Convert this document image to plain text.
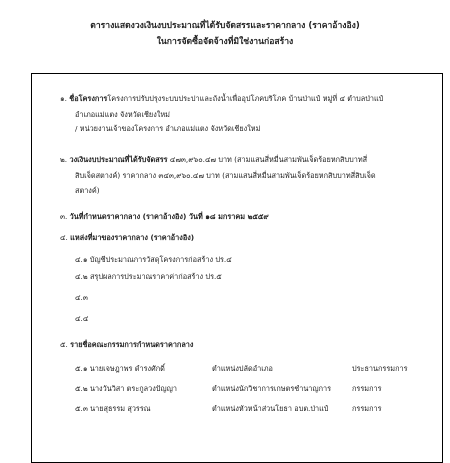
ตารางแสดงวงเงินงบประมาณที่ได้รับจัดสรรและราคากลาง (ราคาอ้างอิง)
ในการจัดซื้อจัดจ้างที่มิใช่งานก่อสร้าง
๑. ชื่อโครงการโครงการปรับปรุงระบบประปาและถังน้ำเพื่ออุปโภคบริโภค บ้านป่าแป๋ หมู่ที่ ๔ ตำบลป่าแป๋
อำเภอแม่แตง จังหวัดเชียงใหม่
/ หน่วยงานเจ้าของโครงการ อำเภอแม่แตง จังหวัดเชียงใหม่
๒. วงเงินงบประมาณที่ได้รับจัดสรร ๔๗๓,๙๖๐.๔๗ บาท (สามแสนสี่หมื่นสามพันเจ็ดร้อยหกสิบบาทสี่
สิบเจ็ดสตางค์) ราคากลาง ๓๔๓,๙๖๐.๔๗ บาท (สามแสนสี่หมื่นสามพันเจ็ดร้อยหกสิบบาทสี่สิบเจ็ด
สตางค์)
๓. วันที่กำหนดราคากลาง (ราคาอ้างอิง) วันที่ ๑๘ มกราคม ๒๕๕๙
๔. แหล่งที่มาของราคากลาง (ราคาอ้างอิง)
๔.๑ บัญชีประมาณการวัสดุโครงการก่อสร้าง ปร.๔
๔.๒ สรุปผลการประมาณราคาค่าก่อสร้าง ปร.๕
๔.๓
๔.๔
๕. รายชื่อคณะกรรมการกำหนดราคากลาง
๕.๑ นายเจษฎาพร ดำรงศักดิ์	ตำแหน่งปลัดอำเภอ	ประธานกรรมการ
๕.๒ นางวันวิสา ตระกูลวงปัญญา	ตำแหน่งนักวิชาการเกษตรชำนาญการ	กรรมการ
๕.๓ นายสุธรรม สุวรรณ	ตำแหน่งหัวหน้าส่วนโยธา อบต.ป่าแป๋	กรรมการ
